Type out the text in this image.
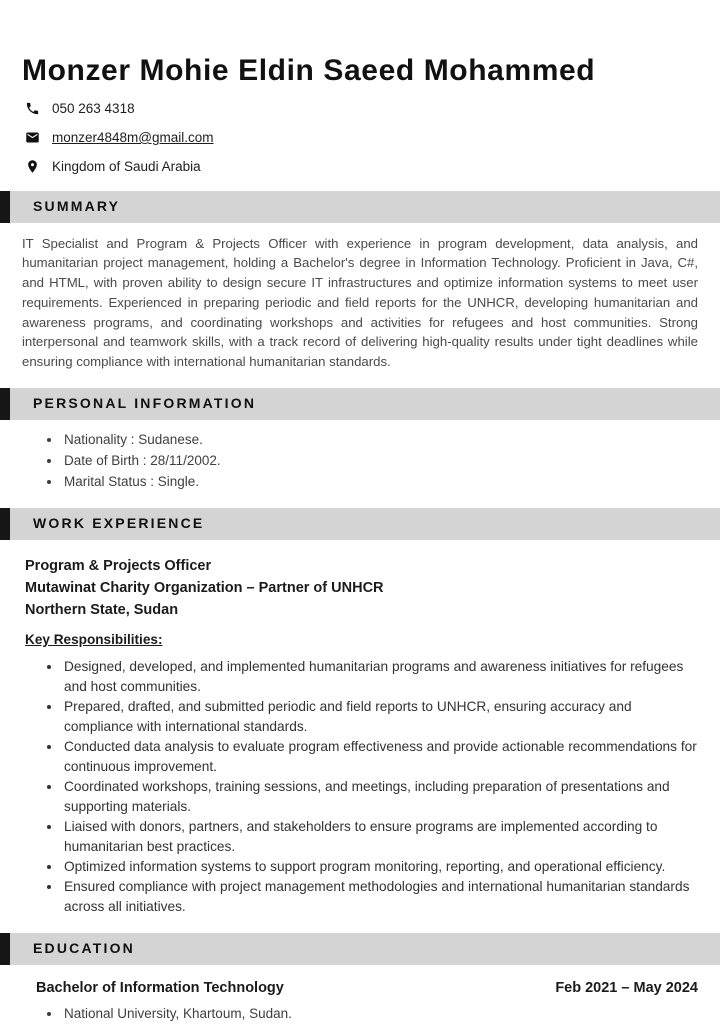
Monzer Mohie Eldin Saeed Mohammed
050 263 4318
monzer4848m@gmail.com
Kingdom of Saudi Arabia
SUMMARY

IT Specialist and Program & Projects Officer with experience in program development, data analysis, and humanitarian project management, holding a Bachelor's degree in Information Technology. Proficient in Java, C#, and HTML, with proven ability to design secure IT infrastructures and optimize information systems to meet user requirements. Experienced in preparing periodic and field reports for the UNHCR, developing humanitarian and awareness programs, and coordinating workshops and activities for refugees and host communities. Strong interpersonal and teamwork skills, with a track record of delivering high-quality results under tight deadlines while ensuring compliance with international humanitarian standards.

PERSONAL INFORMATION
• Nationality : Sudanese.
• Date of Birth : 28/11/2002.
• Marital Status : Single.
WORK EXPERIENCE

Program & Projects Officer

Mutawinat Charity Organization – Partner of UNHCR

Northern State, Sudan

Key Responsibilities:

• Designed, developed, and implemented humanitarian programs and awareness initiatives for refugees and host communities.
• Prepared, drafted, and submitted periodic and field reports to UNHCR, ensuring accuracy and compliance with international standards.
• Conducted data analysis to evaluate program effectiveness and provide actionable recommendations for continuous improvement.
• Coordinated workshops, training sessions, and meetings, including preparation of presentations and supporting materials.
• Liaised with donors, partners, and stakeholders to ensure programs are implemented according to humanitarian best practices.
• Optimized information systems to support program monitoring, reporting, and operational efficiency.
• Ensured compliance with project management methodologies and international humanitarian standards across all initiatives.
EDUCATION
Bachelor of Information Technology	Feb 2021 – May 2024
• National University, Khartoum, Sudan.
